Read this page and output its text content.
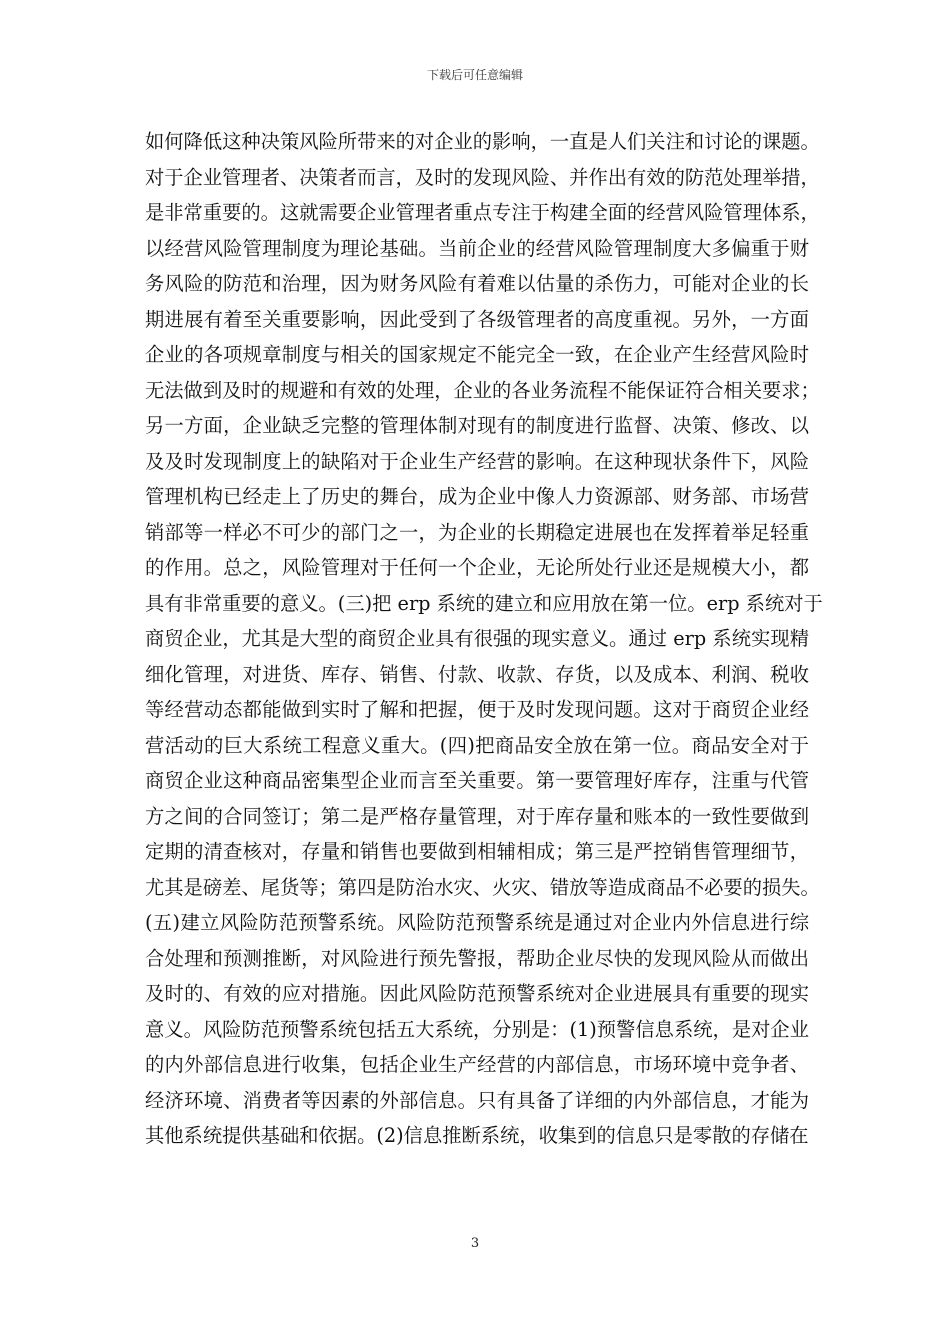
下载后可任意编辑
如何降低这种决策风险所带来的对企业的影响，一直是人们关注和讨论的课题。
对于企业管理者、决策者而言，及时的发现风险、并作出有效的防范处理举措，
是非常重要的。这就需要企业管理者重点专注于构建全面的经营风险管理体系，
以经营风险管理制度为理论基础。当前企业的经营风险管理制度大多偏重于财
务风险的防范和治理，因为财务风险有着难以估量的杀伤力，可能对企业的长
期进展有着至关重要影响，因此受到了各级管理者的高度重视。另外，一方面
企业的各项规章制度与相关的国家规定不能完全一致，在企业产生经营风险时
无法做到及时的规避和有效的处理，企业的各业务流程不能保证符合相关要求；
另一方面，企业缺乏完整的管理体制对现有的制度进行监督、决策、修改、以
及及时发现制度上的缺陷对于企业生产经营的影响。在这种现状条件下，风险
管理机构已经走上了历史的舞台，成为企业中像人力资源部、财务部、市场营
销部等一样必不可少的部门之一，为企业的长期稳定进展也在发挥着举足轻重
的作用。总之，风险管理对于任何一个企业，无论所处行业还是规模大小，都
具有非常重要的意义。(三)把 erp 系统的建立和应用放在第一位。erp 系统对于
商贸企业，尤其是大型的商贸企业具有很强的现实意义。通过 erp 系统实现精
细化管理，对进货、库存、销售、付款、收款、存货，以及成本、利润、税收
等经营动态都能做到实时了解和把握，便于及时发现问题。这对于商贸企业经
营活动的巨大系统工程意义重大。(四)把商品安全放在第一位。商品安全对于
商贸企业这种商品密集型企业而言至关重要。第一要管理好库存，注重与代管
方之间的合同签订；第二是严格存量管理，对于库存量和账本的一致性要做到
定期的清查核对，存量和销售也要做到相辅相成；第三是严控销售管理细节，
尤其是磅差、尾货等；第四是防治水灾、火灾、错放等造成商品不必要的损失。
(五)建立风险防范预警系统。风险防范预警系统是通过对企业内外信息进行综
合处理和预测推断，对风险进行预先警报，帮助企业尽快的发现风险从而做出
及时的、有效的应对措施。因此风险防范预警系统对企业进展具有重要的现实
意义。风险防范预警系统包括五大系统，分别是：(1)预警信息系统，是对企业
的内外部信息进行收集，包括企业生产经营的内部信息，市场环境中竞争者、
经济环境、消费者等因素的外部信息。只有具备了详细的内外部信息，才能为
其他系统提供基础和依据。(2)信息推断系统，收集到的信息只是零散的存储在
3
